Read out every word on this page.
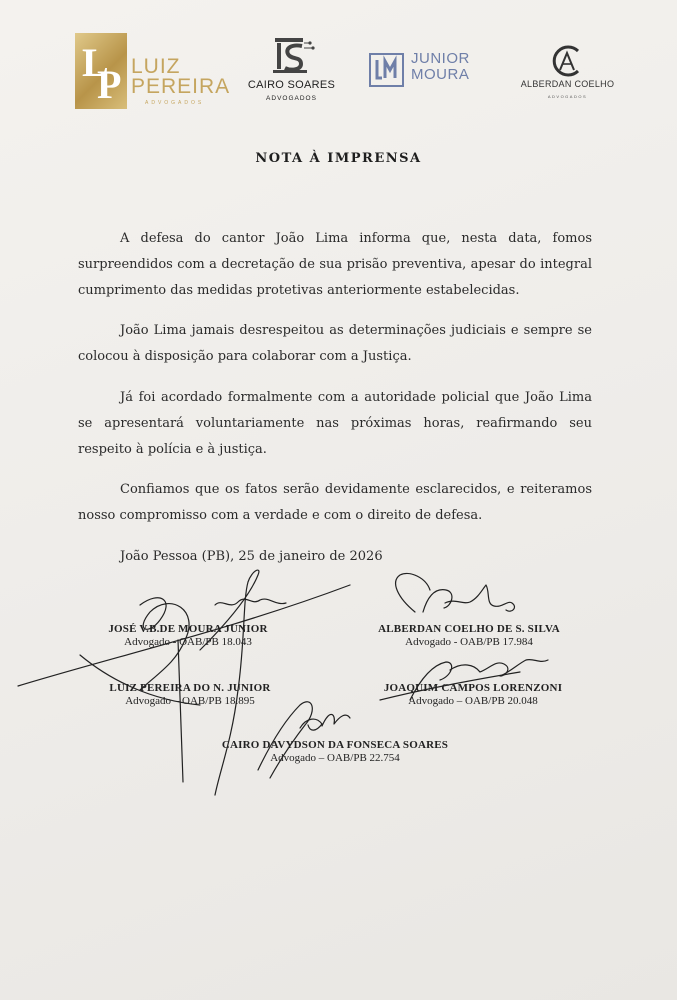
L
P LUIZ
PEREIRA
ADVOGADOS
CAIRO SOARES
ADVOGADOS
JUNIOR
MOURA
ALBERDAN COELHO
ADVOGADOS
NOTA À IMPRENSA

A defesa do cantor João Lima informa que, nesta data, fomos surpreendidos com a decretação de sua prisão preventiva, apesar do integral cumprimento das medidas protetivas anteriormente estabelecidas.

João Lima jamais desrespeitou as determinações judiciais e sempre se colocou à disposição para colaborar com a Justiça.

Já foi acordado formalmente com a autoridade policial que João Lima se apresentará voluntariamente nas próximas horas, reafirmando seu respeito à polícia e à justiça.

Confiamos que os fatos serão devidamente esclarecidos, e reiteramos nosso compromisso com a verdade e com o direito de defesa.

João Pessoa (PB), 25 de janeiro de 2026

JOSÉ V.B.DE MOURA JUNIOR
Advogado - OAB/PB 18.043
ALBERDAN COELHO DE S. SILVA
Advogado - OAB/PB 17.984
LUIZ PEREIRA DO N. JUNIOR
Advogado – OAB/PB 18.895
JOAQUIM CAMPOS LORENZONI
Advogado – OAB/PB 20.048
CAIRO DAVYDSON DA FONSECA SOARES
Advogado – OAB/PB 22.754
